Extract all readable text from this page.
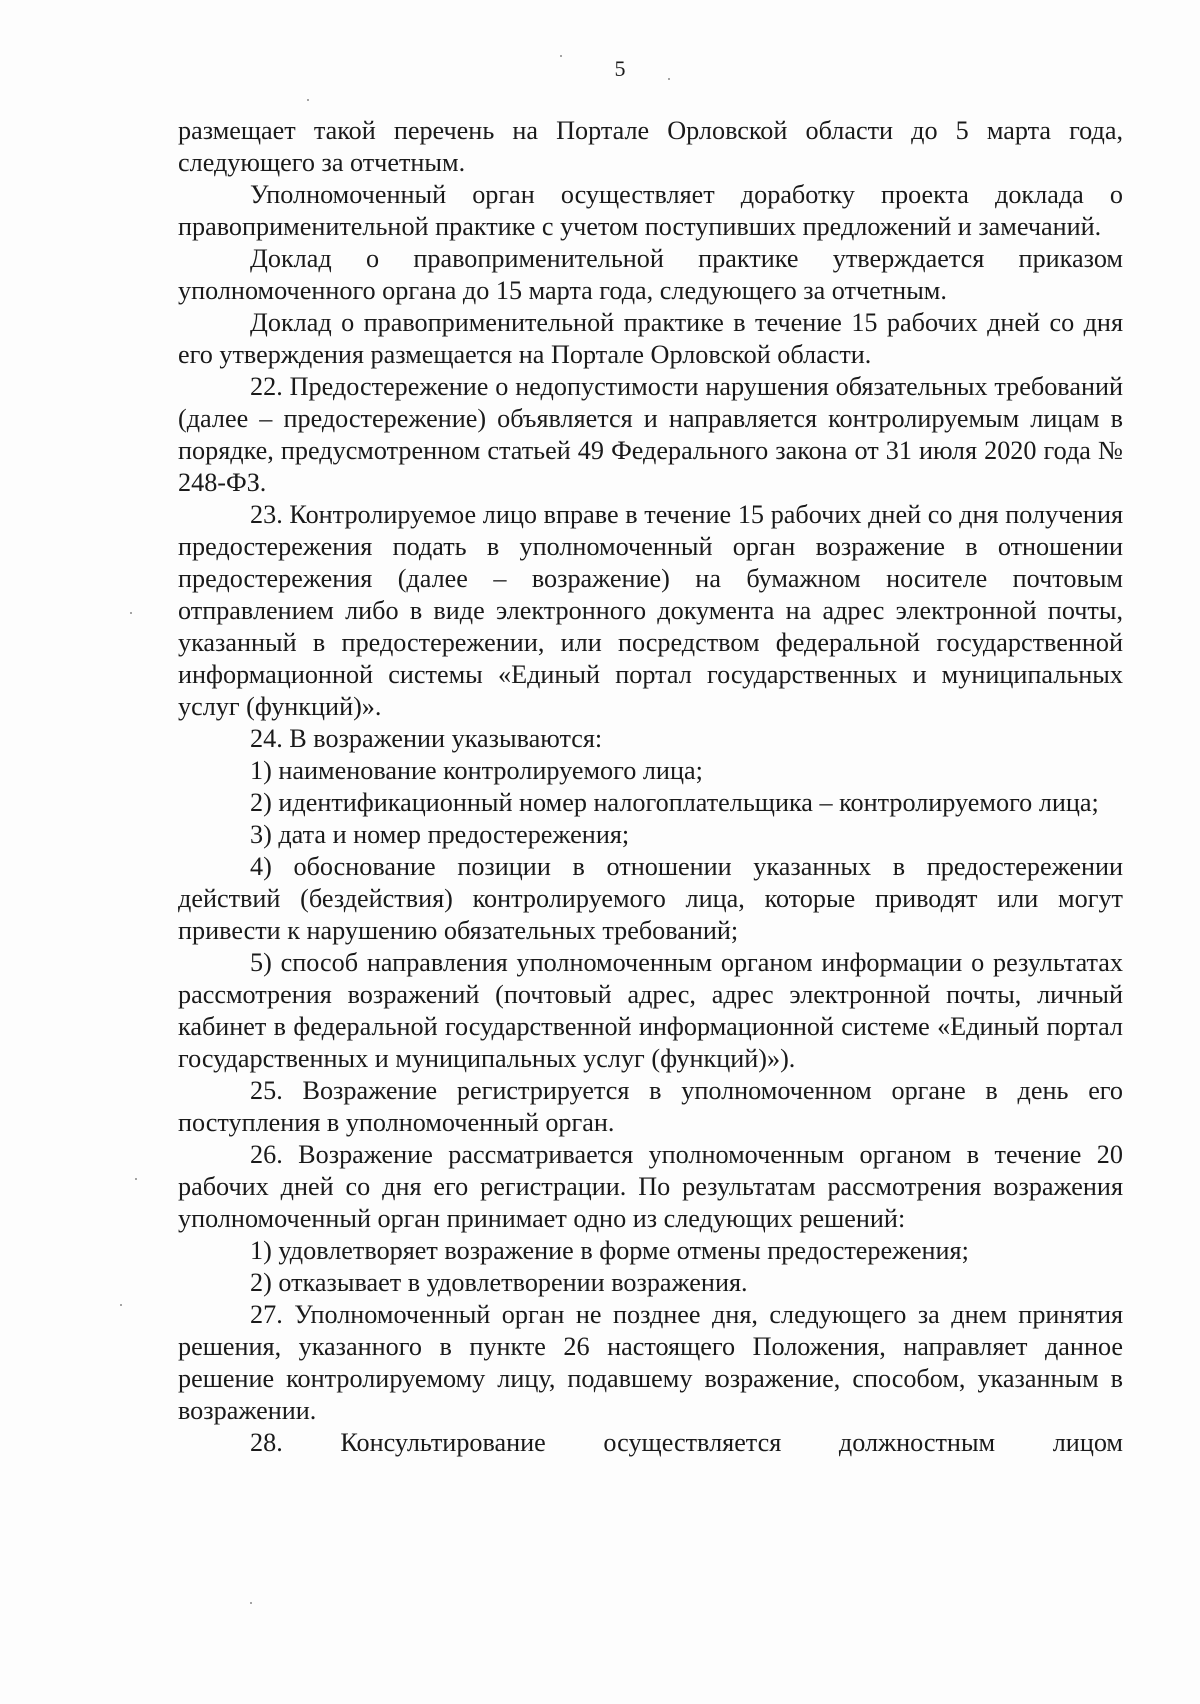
5

размещает такой перечень на Портале Орловской области до 5 марта года, следующего за отчетным.

Уполномоченный орган осуществляет доработку проекта доклада о правоприменительной практике с учетом поступивших предложений и замечаний.

Доклад о правоприменительной практике утверждается приказом уполномоченного органа до 15 марта года, следующего за отчетным.

Доклад о правоприменительной практике в течение 15 рабочих дней со дня его утверждения размещается на Портале Орловской области.

22. Предостережение о недопустимости нарушения обязательных требований (далее – предостережение) объявляется и направляется контролируемым лицам в порядке, предусмотренном статьей 49 Федерального закона от 31 июля 2020 года № 248-ФЗ.

23. Контролируемое лицо вправе в течение 15 рабочих дней со дня получения предостережения подать в уполномоченный орган возражение в отношении предостережения (далее – возражение) на бумажном носителе почтовым отправлением либо в виде электронного документа на адрес электронной почты, указанный в предостережении, или посредством федеральной государственной информационной системы «Единый портал государственных и муниципальных услуг (функций)».

24. В возражении указываются:

1) наименование контролируемого лица;

2) идентификационный номер налогоплательщика – контролируемого лица;

3) дата и номер предостережения;

4) обоснование позиции в отношении указанных в предостережении действий (бездействия) контролируемого лица, которые приводят или могут привести к нарушению обязательных требований;

5) способ направления уполномоченным органом информации о результатах рассмотрения возражений (почтовый адрес, адрес электронной почты, личный кабинет в федеральной государственной информационной системе «Единый портал государственных и муниципальных услуг (функций)»).

25. Возражение регистрируется в уполномоченном органе в день его поступления в уполномоченный орган.

26. Возражение рассматривается уполномоченным органом в течение 20 рабочих дней со дня его регистрации. По результатам рассмотрения возражения уполномоченный орган принимает одно из следующих решений:

1) удовлетворяет возражение в форме отмены предостережения;

2) отказывает в удовлетворении возражения.

27. Уполномоченный орган не позднее дня, следующего за днем принятия решения, указанного в пункте 26 настоящего Положения, направляет данное решение контролируемому лицу, подавшему возражение, способом, указанным в возражении.

28. Консультирование осуществляется должностным лицом
